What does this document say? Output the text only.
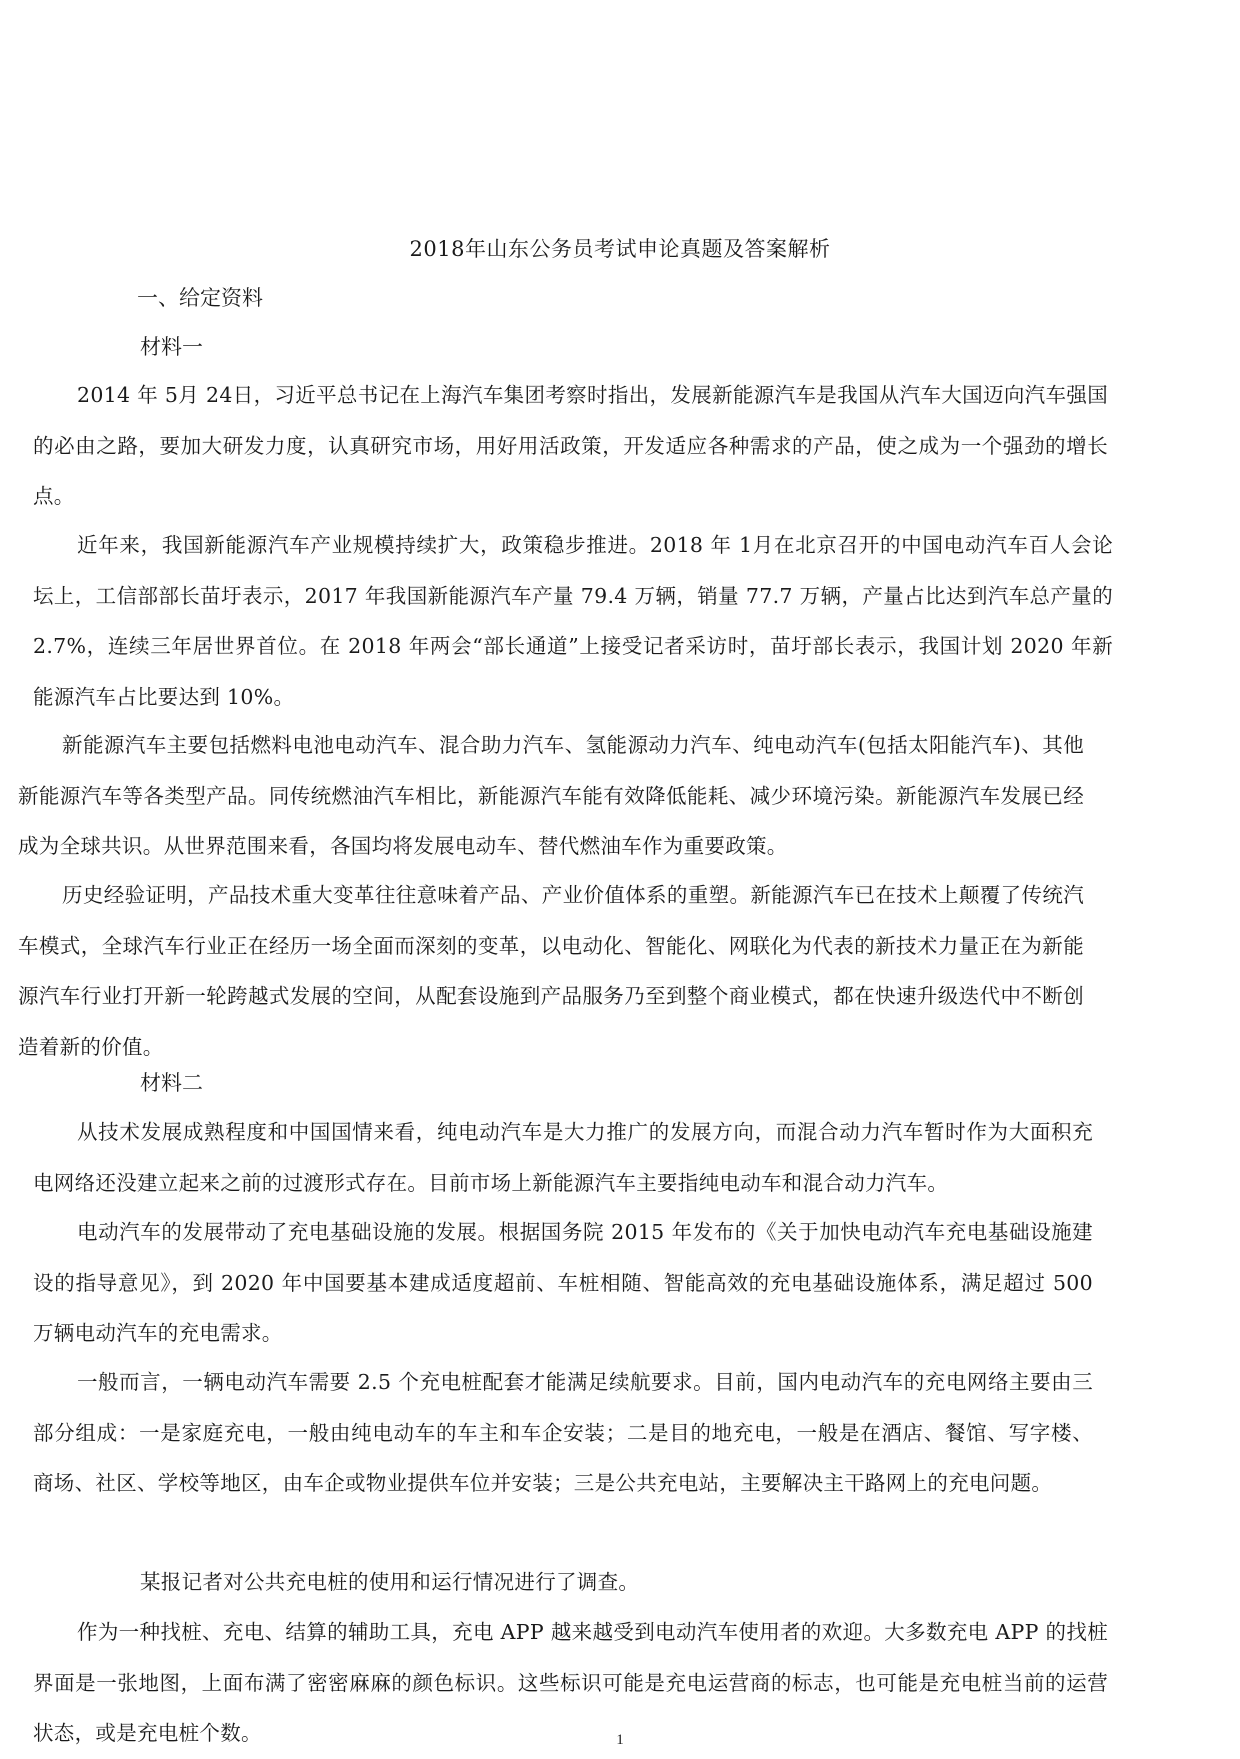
2018年山东公务员考试申论真题及答案解析
一、给定资料
材料一
2014 年 5月 24日，习近平总书记在上海汽车集团考察时指出，发展新能源汽车是我国从汽车大国迈向汽车强国的必由之路，要加大研发力度，认真研究市场，用好用活政策，开发适应各种需求的产品，使之成为一个强劲的增长点。
近年来，我国新能源汽车产业规模持续扩大，政策稳步推进。2018 年 1月在北京召开的中国电动汽车百人会论坛上，工信部部长苗圩表示，2017 年我国新能源汽车产量 79.4 万辆，销量 77.7 万辆，产量占比达到汽车总产量的 2.7%，连续三年居世界首位。在 2018 年两会“部长通道”上接受记者采访时，苗圩部长表示，我国计划 2020 年新能源汽车占比要达到 10%。
新能源汽车主要包括燃料电池电动汽车、混合助力汽车、氢能源动力汽车、纯电动汽车(包括太阳能汽车)、其他新能源汽车等各类型产品。同传统燃油汽车相比，新能源汽车能有效降低能耗、减少环境污染。新能源汽车发展已经成为全球共识。从世界范围来看，各国均将发展电动车、替代燃油车作为重要政策。
历史经验证明，产品技术重大变革往往意味着产品、产业价值体系的重塑。新能源汽车已在技术上颠覆了传统汽车模式，全球汽车行业正在经历一场全面而深刻的变革，以电动化、智能化、网联化为代表的新技术力量正在为新能源汽车行业打开新一轮跨越式发展的空间，从配套设施到产品服务乃至到整个商业模式，都在快速升级迭代中不断创造着新的价值。
材料二
从技术发展成熟程度和中国国情来看，纯电动汽车是大力推广的发展方向，而混合动力汽车暂时作为大面积充电网络还没建立起来之前的过渡形式存在。目前市场上新能源汽车主要指纯电动车和混合动力汽车。
电动汽车的发展带动了充电基础设施的发展。根据国务院 2015 年发布的《关于加快电动汽车充电基础设施建设的指导意见》，到 2020 年中国要基本建成适度超前、车桩相随、智能高效的充电基础设施体系，满足超过 500 万辆电动汽车的充电需求。
一般而言，一辆电动汽车需要 2.5 个充电桩配套才能满足续航要求。目前，国内电动汽车的充电网络主要由三部分组成：一是家庭充电，一般由纯电动车的车主和车企安装；二是目的地充电，一般是在酒店、餐馆、写字楼、商场、社区、学校等地区，由车企或物业提供车位并安装；三是公共充电站，主要解决主干路网上的充电问题。
某报记者对公共充电桩的使用和运行情况进行了调查。
作为一种找桩、充电、结算的辅助工具，充电 APP 越来越受到电动汽车使用者的欢迎。大多数充电 APP 的找桩界面是一张地图，上面布满了密密麻麻的颜色标识。这些标识可能是充电运营商的标志，也可能是充电桩当前的运营状态，或是充电桩个数。	1
